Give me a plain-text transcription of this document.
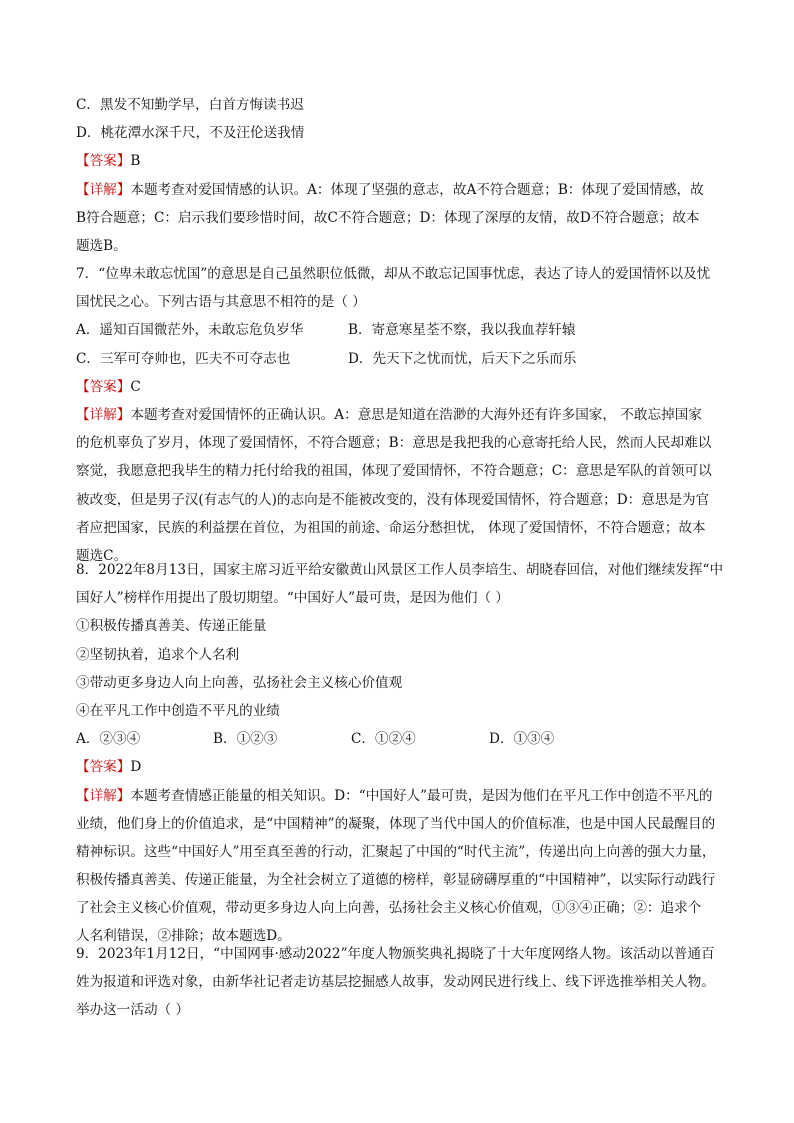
C．黑发不知勤学早，白首方悔读书迟
D．桃花潭水深千尺，不及汪伦送我情
【答案】B
【详解】本题考查对爱国情感的认识。A：体现了坚强的意志，故A不符合题意；B：体现了爱国情感，故
B符合题意；C：启示我们要珍惜时间，故C不符合题意；D：体现了深厚的友情，故D不符合题意；故本
题选B。
7．“位卑未敢忘忧国”的意思是自己虽然职位低微，却从不敢忘记国事忧虑，表达了诗人的爱国情怀以及忧
国忧民之心。下列古语与其意思不相符的是（ ）
A．遥知百国微茫外，未敢忘危负岁华	B．寄意寒星荃不察，我以我血荐轩辕
C．三军可夺帅也，匹夫不可夺志也	D．先天下之忧而忧，后天下之乐而乐
【答案】C
【详解】本题考查对爱国情怀的正确认识。A：意思是知道在浩渺的大海外还有许多国家， 不敢忘掉国家
的危机辜负了岁月，体现了爱国情怀，不符合题意；B：意思是我把我的心意寄托给人民，然而人民却难以
察觉，我愿意把我毕生的精力托付给我的祖国，体现了爱国情怀，不符合题意；C：意思是军队的首领可以
被改变，但是男子汉(有志气的人)的志向是不能被改变的，没有体现爱国情怀，符合题意；D：意思是为官
者应把国家，民族的利益摆在首位，为祖国的前途、命运分愁担忧， 体现了爱国情怀，不符合题意；故本
题选C。
8．2022年8月13日，国家主席习近平给安徽黄山风景区工作人员李培生、胡晓春回信，对他们继续发挥“中
国好人”榜样作用提出了殷切期望。“中国好人”最可贵，是因为他们（ ）
①积极传播真善美、传递正能量
②坚韧执着，追求个人名利
③带动更多身边人向上向善，弘扬社会主义核心价值观
④在平凡工作中创造不平凡的业绩
A．②③④	B．①②③	C．①②④	D．①③④
【答案】D
【详解】本题考查情感正能量的相关知识。D：“中国好人”最可贵，是因为他们在平凡工作中创造不平凡的
业绩，他们身上的价值追求，是“中国精神”的凝聚，体现了当代中国人的价值标准，也是中国人民最醒目的
精神标识。这些“中国好人”用至真至善的行动，汇聚起了中国的“时代主流”，传递出向上向善的强大力量，
积极传播真善美、传递正能量，为全社会树立了道德的榜样，彰显磅礴厚重的“中国精神”，以实际行动践行
了社会主义核心价值观，带动更多身边人向上向善，弘扬社会主义核心价值观，①③④正确；②：追求个
人名利错误，②排除；故本题选D。
9．2023年1月12日，“中国网事·感动2022”年度人物颁奖典礼揭晓了十大年度网络人物。该活动以普通百
姓为报道和评选对象，由新华社记者走访基层挖掘感人故事，发动网民进行线上、线下评选推举相关人物。
举办这一活动（ ）
